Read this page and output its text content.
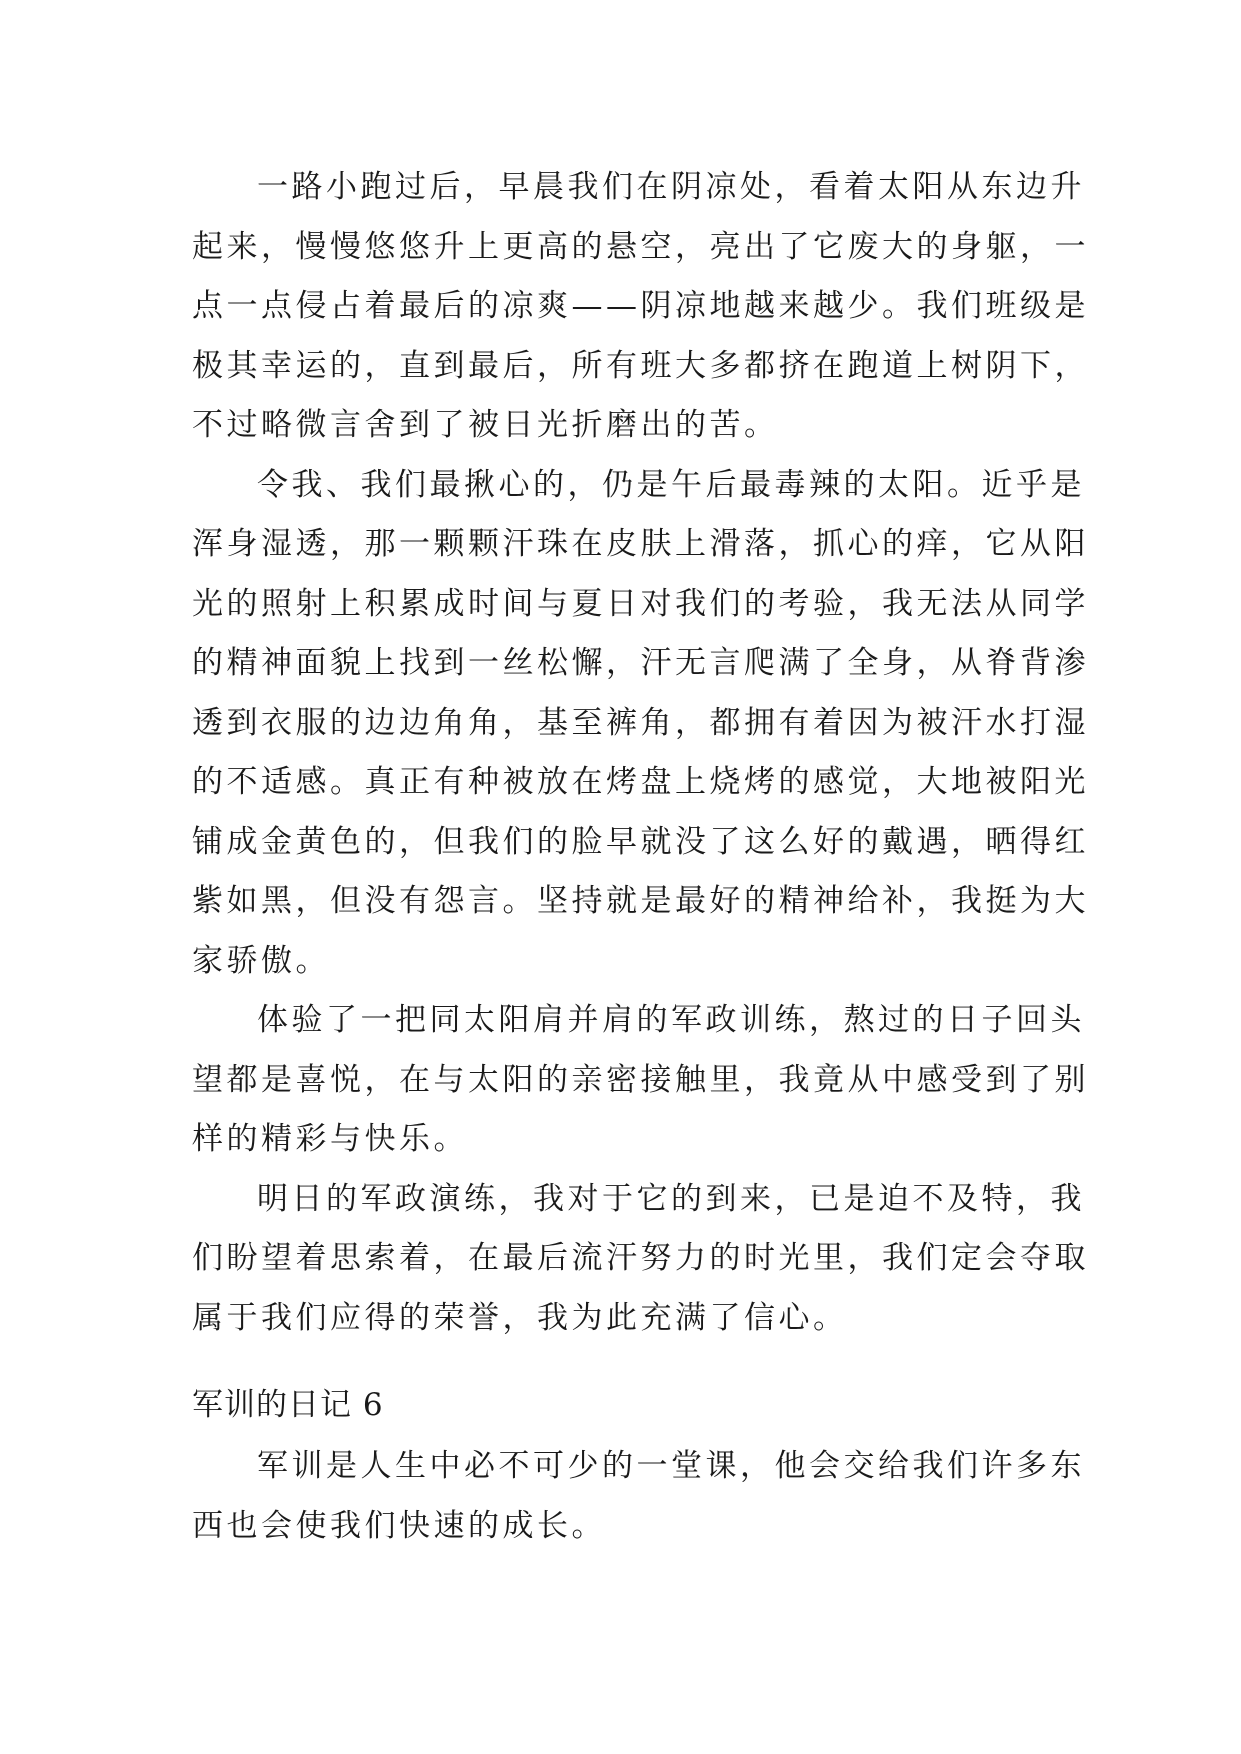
一路小跑过后，早晨我们在阴凉处，看着太阳从东边升
起来，慢慢悠悠升上更高的悬空，亮出了它废大的身躯，一
点一点侵占着最后的凉爽——阴凉地越来越少。我们班级是
极其幸运的，直到最后，所有班大多都挤在跑道上树阴下，
不过略微言舍到了被日光折磨出的苦。
令我、我们最揪心的，仍是午后最毒辣的太阳。近乎是
浑身湿透，那一颗颗汗珠在皮肤上滑落，抓心的痒，它从阳
光的照射上积累成时间与夏日对我们的考验，我无法从同学
的精神面貌上找到一丝松懈，汗无言爬满了全身，从脊背渗
透到衣服的边边角角，基至裤角，都拥有着因为被汗水打湿
的不适感。真正有种被放在烤盘上烧烤的感觉，大地被阳光
铺成金黄色的，但我们的脸早就没了这么好的戴遇，晒得红
紫如黑，但没有怨言。坚持就是最好的精神给补，我挺为大
家骄傲。
体验了一把同太阳肩并肩的军政训练，熬过的日子回头
望都是喜悦，在与太阳的亲密接触里，我竟从中感受到了别
样的精彩与快乐。
明日的军政演练，我对于它的到来，已是迫不及特，我
们盼望着思索着，在最后流汗努力的时光里，我们定会夺取
属于我们应得的荣誉，我为此充满了信心。
军训的日记 6
军训是人生中必不可少的一堂课，他会交给我们许多东
西也会使我们快速的成长。
